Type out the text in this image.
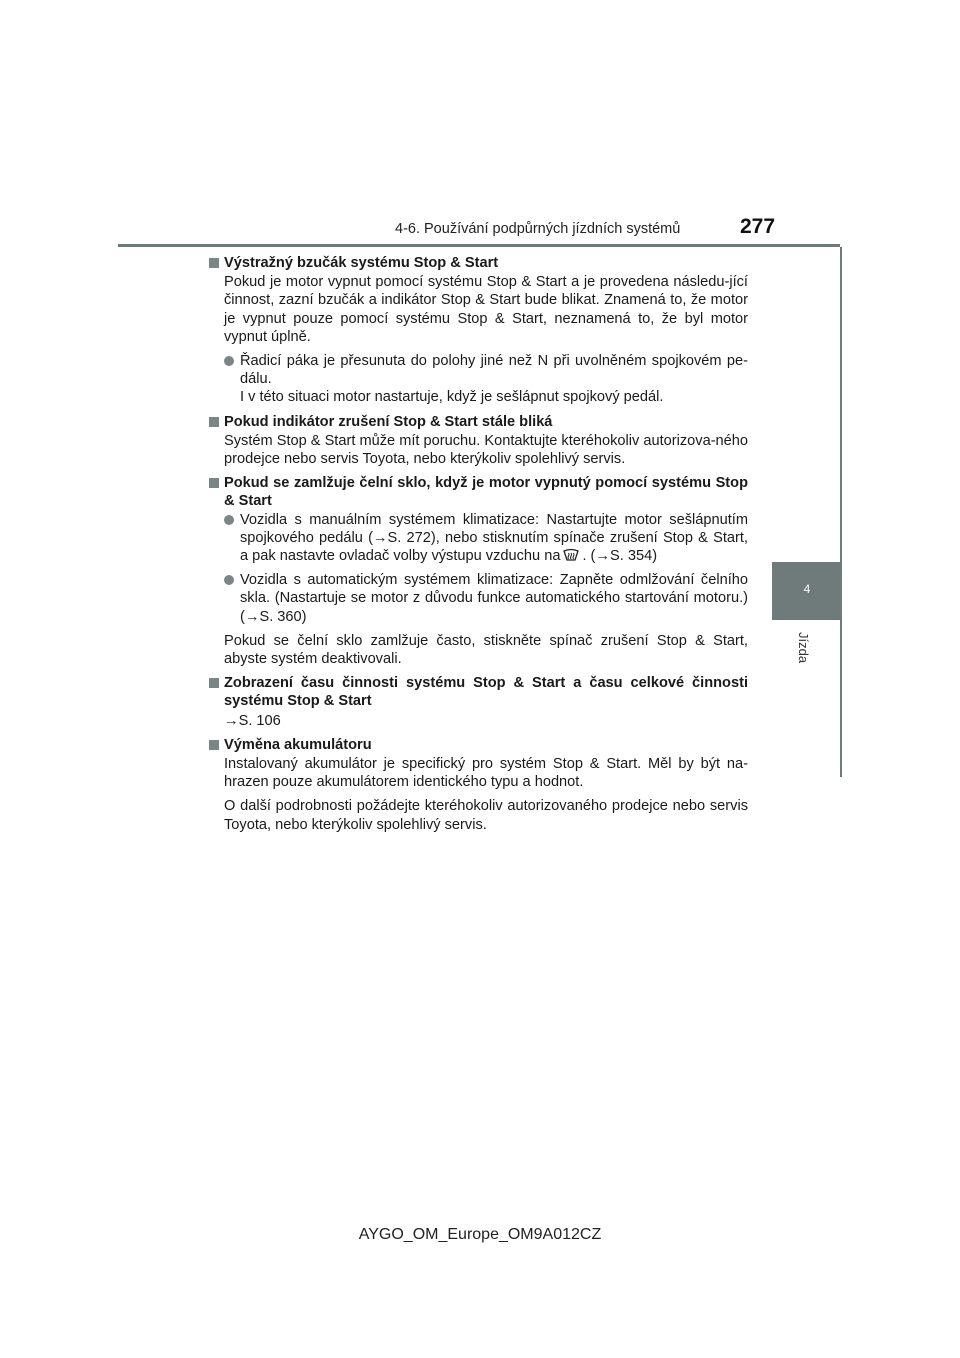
4-6. Používání podpůrných jízdních systémů	277
4
Jízda
Výstražný bzučák systému Stop & Start
Pokud je motor vypnut pomocí systému Stop & Start a je provedena následu-jící činnost, zazní bzučák a indikátor Stop & Start bude blikat. Znamená to, že motor je vypnut pouze pomocí systému Stop & Start, neznamená to, že byl motor vypnut úplně.
Řadicí páka je přesunuta do polohy jiné než N při uvolněném spojkovém pe-dálu.
I v této situaci motor nastartuje, když je sešlápnut spojkový pedál.
Pokud indikátor zrušení Stop & Start stále bliká
Systém Stop & Start může mít poruchu. Kontaktujte kteréhokoliv autorizova-ného prodejce nebo servis Toyota, nebo kterýkoliv spolehlivý servis.
Pokud se zamlžuje čelní sklo, když je motor vypnutý pomocí systému Stop & Start
Vozidla s manuálním systémem klimatizace: Nastartujte motor sešlápnutím spojkového pedálu (→S. 272), nebo stisknutím spínače zrušení Stop & Start, a pak nastavte ovladač volby výstupu vzduchu na . (→S. 354)
Vozidla s automatickým systémem klimatizace: Zapněte odmlžování čelního skla. (Nastartuje se motor z důvodu funkce automatického startování motoru.) (→S. 360)
Pokud se čelní sklo zamlžuje často, stiskněte spínač zrušení Stop & Start, abyste systém deaktivovali.
Zobrazení času činnosti systému Stop & Start a času celkové činnosti systému Stop & Start
→S. 106
Výměna akumulátoru
Instalovaný akumulátor je specifický pro systém Stop & Start. Měl by být na-hrazen pouze akumulátorem identického typu a hodnot.
O další podrobnosti požádejte kteréhokoliv autorizovaného prodejce nebo servis Toyota, nebo kterýkoliv spolehlivý servis.
AYGO_OM_Europe_OM9A012CZ
